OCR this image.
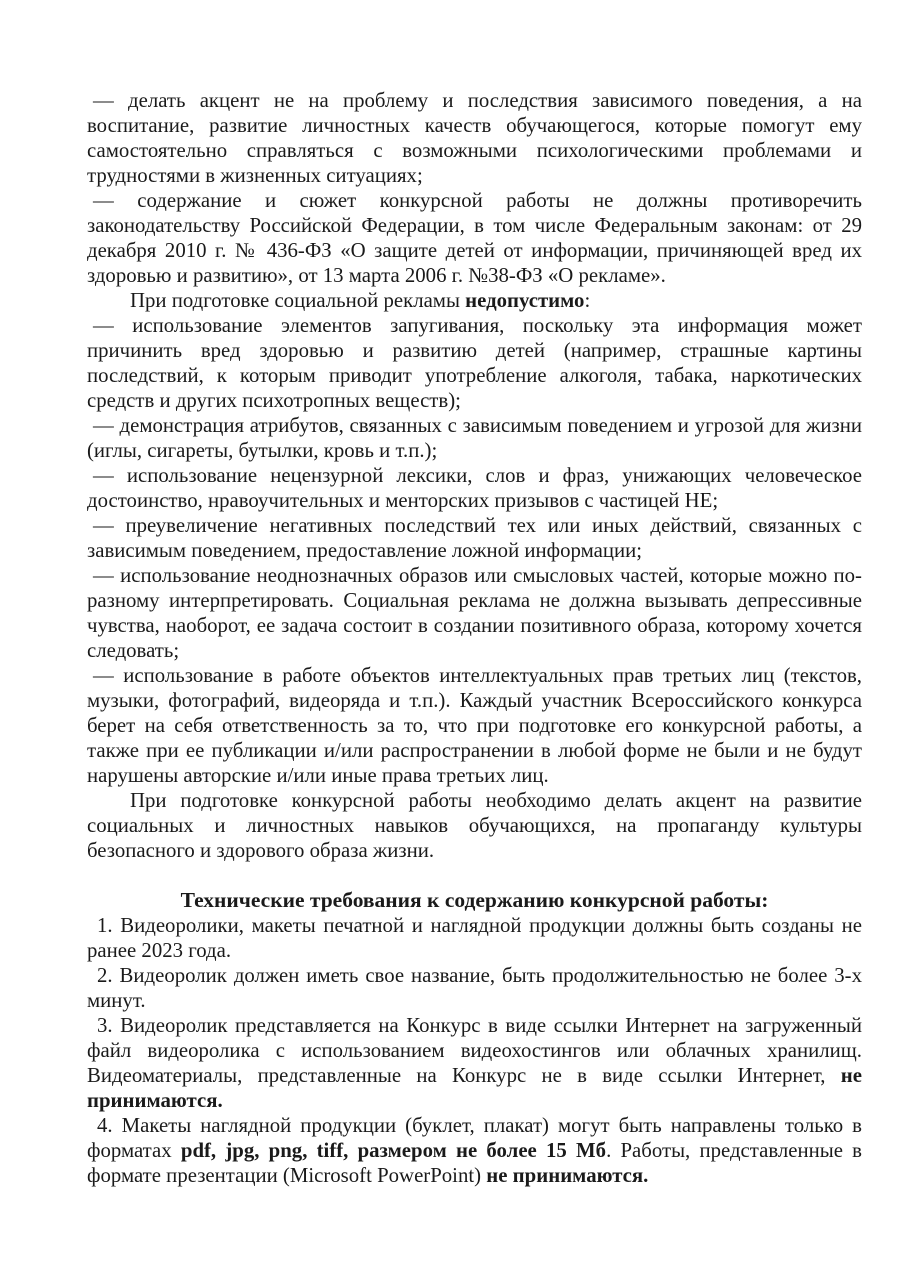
— делать акцент не на проблему и последствия зависимого поведения, а на воспитание, развитие личностных качеств обучающегося, которые помогут ему самостоятельно справляться с возможными психологическими проблемами и трудностями в жизненных ситуациях;

— содержание и сюжет конкурсной работы не должны противоречить законодательству Российской Федерации, в том числе Федеральным законам: от 29 декабря 2010 г. № 436-ФЗ «О защите детей от информации, причиняющей вред их здоровью и развитию», от 13 марта 2006 г. №38-ФЗ «О рекламе».

При подготовке социальной рекламы недопустимо:

— использование элементов запугивания, поскольку эта информация может причинить вред здоровью и развитию детей (например, страшные картины последствий, к которым приводит употребление алкоголя, табака, наркотических средств и других психотропных веществ);

— демонстрация атрибутов, связанных с зависимым поведением и угрозой для жизни (иглы, сигареты, бутылки, кровь и т.п.);

— использование нецензурной лексики, слов и фраз, унижающих человеческое достоинство, нравоучительных и менторских призывов с частицей НЕ;

— преувеличение негативных последствий тех или иных действий, связанных с зависимым поведением, предоставление ложной информации;

— использование неоднозначных образов или смысловых частей, которые можно по-разному интерпретировать. Социальная реклама не должна вызывать депрессивные чувства, наоборот, ее задача состоит в создании позитивного образа, которому хочется следовать;

— использование в работе объектов интеллектуальных прав третьих лиц (текстов, музыки, фотографий, видеоряда и т.п.). Каждый участник Всероссийского конкурса берет на себя ответственность за то, что при подготовке его конкурсной работы, а также при ее публикации и/или распространении в любой форме не были и не будут нарушены авторские и/или иные права третьих лиц.

При подготовке конкурсной работы необходимо делать акцент на развитие социальных и личностных навыков обучающихся, на пропаганду культуры безопасного и здорового образа жизни.

Технические требования к содержанию конкурсной работы:

1. Видеоролики, макеты печатной и наглядной продукции должны быть созданы не ранее 2023 года.

2. Видеоролик должен иметь свое название, быть продолжительностью не более 3-х минут.

3. Видеоролик представляется на Конкурс в виде ссылки Интернет на загруженный файл видеоролика с использованием видеохостингов или облачных хранилищ. Видеоматериалы, представленные на Конкурс не в виде ссылки Интернет, не принимаются.

4. Макеты наглядной продукции (буклет, плакат) могут быть направлены только в форматах pdf, jpg, png, tiff, размером не более 15 Мб. Работы, представленные в формате презентации (Microsoft PowerPoint) не принимаются.
